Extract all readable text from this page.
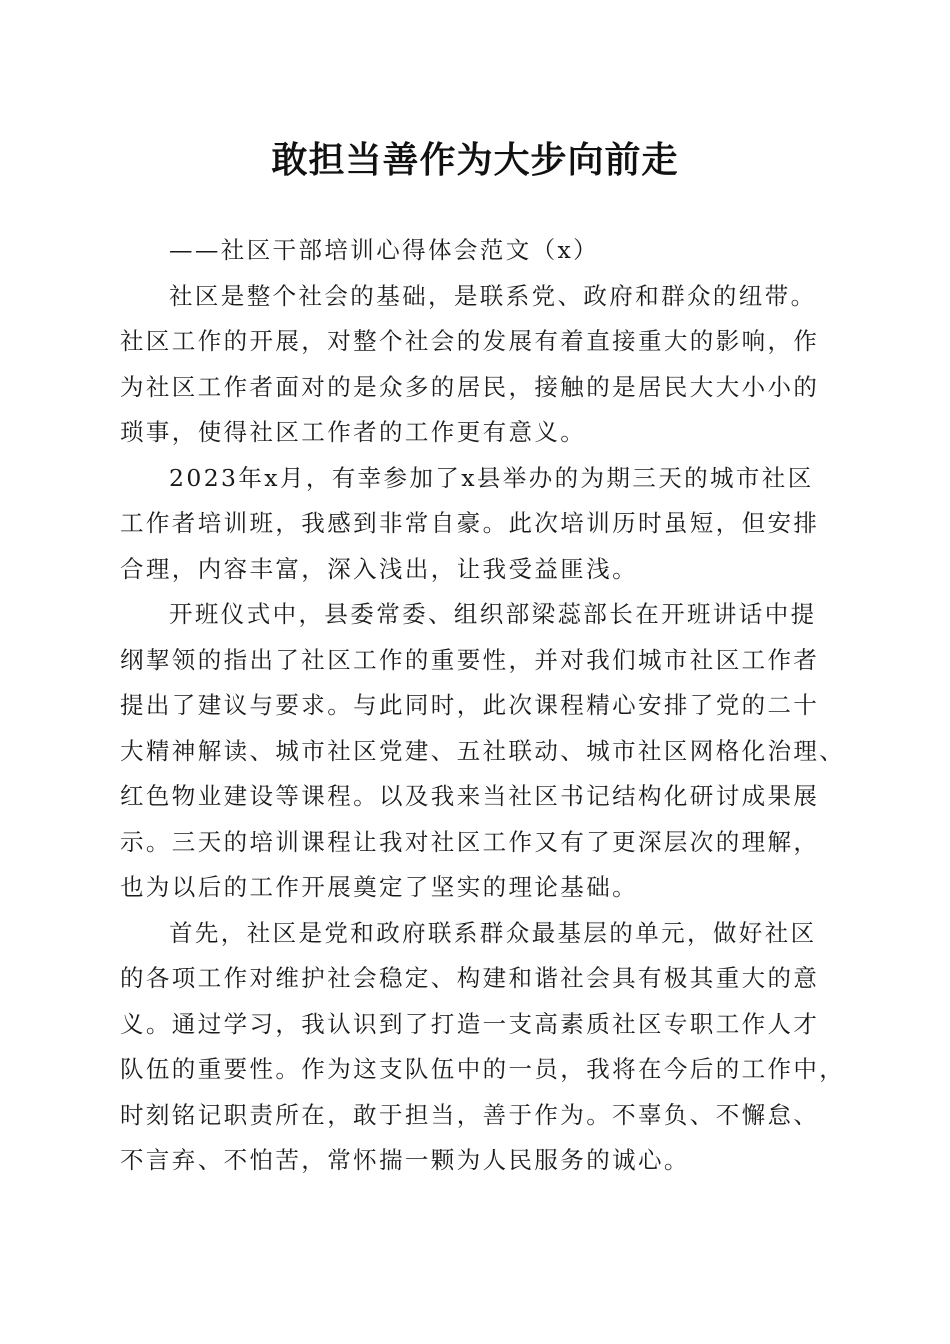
敢担当善作为大步向前走
——社区干部培训心得体会范文（x）
社区是整个社会的基础，是联系党、政府和群众的纽带。
社区工作的开展，对整个社会的发展有着直接重大的影响，作
为社区工作者面对的是众多的居民，接触的是居民大大小小的
琐事，使得社区工作者的工作更有意义。
2023年x月，有幸参加了x县举办的为期三天的城市社区
工作者培训班，我感到非常自豪。此次培训历时虽短，但安排
合理，内容丰富，深入浅出，让我受益匪浅。
开班仪式中，县委常委、组织部梁蕊部长在开班讲话中提
纲挈领的指出了社区工作的重要性，并对我们城市社区工作者
提出了建议与要求。与此同时，此次课程精心安排了党的二十
大精神解读、城市社区党建、五社联动、城市社区网格化治理、
红色物业建设等课程。以及我来当社区书记结构化研讨成果展
示。三天的培训课程让我对社区工作又有了更深层次的理解，
也为以后的工作开展奠定了坚实的理论基础。
首先，社区是党和政府联系群众最基层的单元，做好社区
的各项工作对维护社会稳定、构建和谐社会具有极其重大的意
义。通过学习，我认识到了打造一支高素质社区专职工作人才
队伍的重要性。作为这支队伍中的一员，我将在今后的工作中，
时刻铭记职责所在，敢于担当，善于作为。不辜负、不懈怠、
不言弃、不怕苦，常怀揣一颗为人民服务的诚心。
